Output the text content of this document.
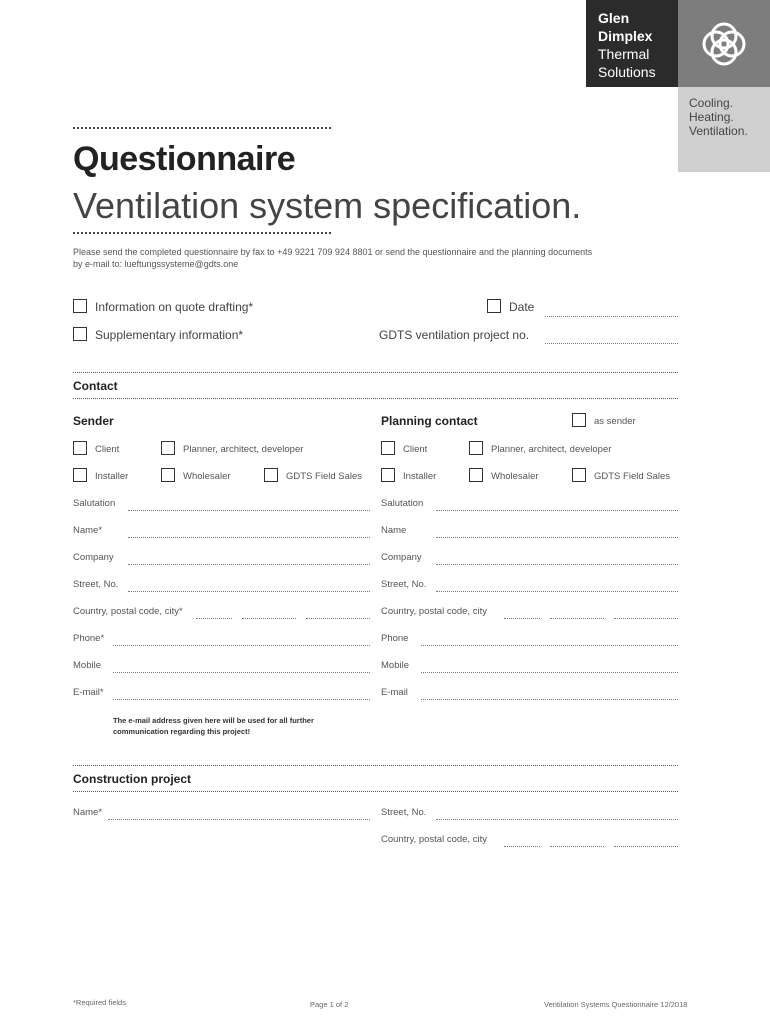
Glen
Dimplex
Thermal
Solutions
Cooling.
Heating.
Ventilation.
Questionnaire
Ventilation system specification.
Please send the completed questionnaire by fax to +49 9221 709 924 8801 or send the questionnaire and the planning documents
by e-mail to: lueftungssysteme@gdts.one
Information on quote drafting*
Supplementary information*
Date
GDTS ventilation project no.
Contact
Sender
Client	Planner, architect, developer
Installer	Wholesaler	GDTS Field Sales
Salutation
Name*
Company
Street, No.
Country, postal code, city*
Phone*
Mobile
E-mail*
The e-mail address given here will be used for all further
communication regarding this project!
Planning contact	as sender
Client	Planner, architect, developer
Installer	Wholesaler	GDTS Field Sales
Salutation
Name
Company
Street, No.
Country, postal code, city
Phone
Mobile
E-mail
Construction project
Name*	Street, No.
Country, postal code, city
*Required fields	Page 1 of 2	Ventilation Systems Questionnaire 12/2018
